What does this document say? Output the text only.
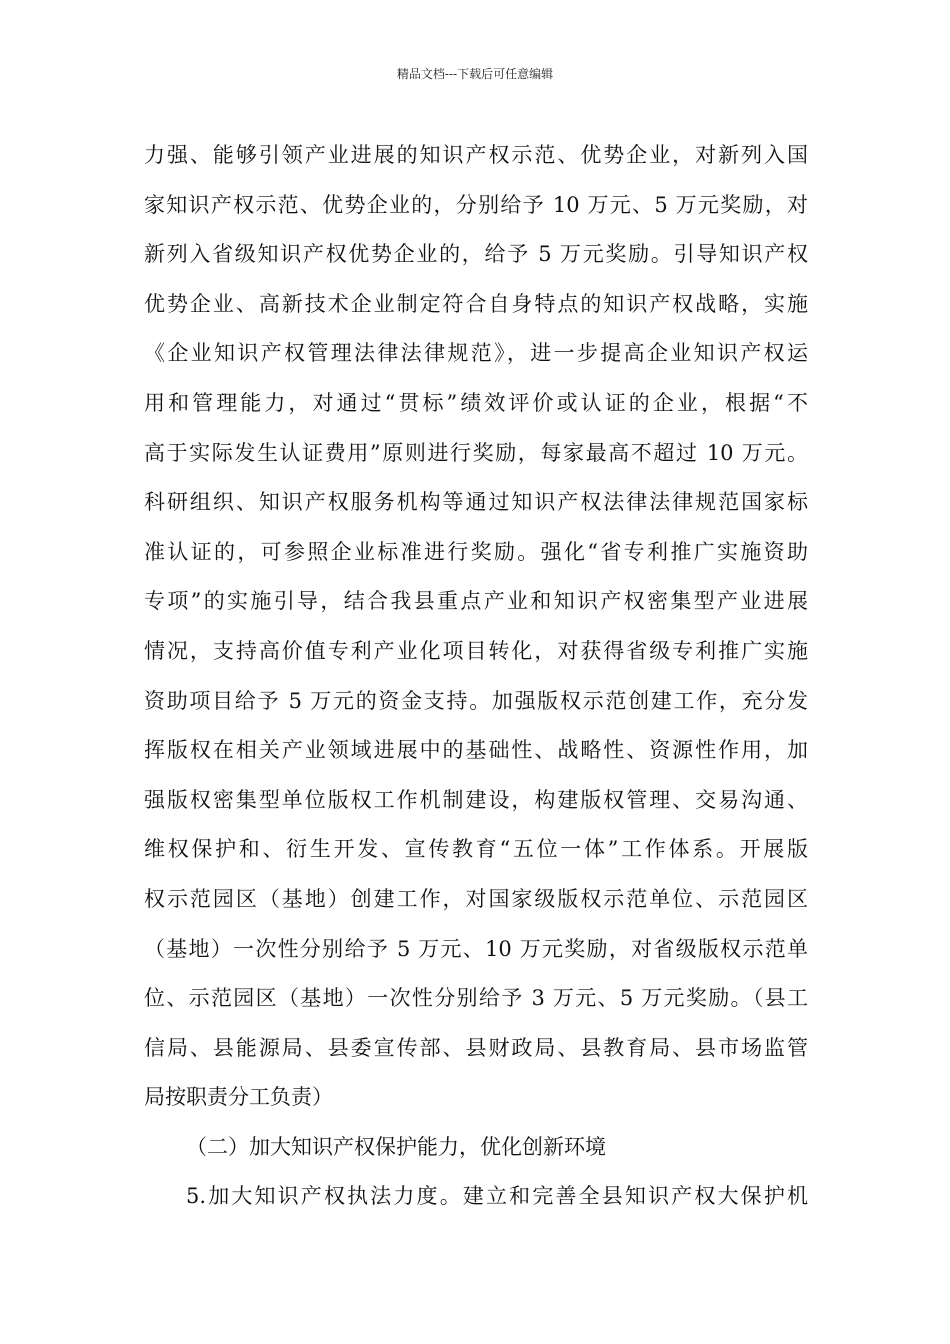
精品文档---下载后可任意编辑
力强、能够引领产业进展的知识产权示范、优势企业，对新列入国
家知识产权示范、优势企业的，分别给予 10 万元、5 万元奖励，对
新列入省级知识产权优势企业的，给予 5 万元奖励。引导知识产权
优势企业、高新技术企业制定符合自身特点的知识产权战略，实施
《企业知识产权管理法律法律规范》，进一步提高企业知识产权运
用和管理能力，对通过“贯标”绩效评价或认证的企业，根据“不
高于实际发生认证费用”原则进行奖励，每家最高不超过 10 万元。
科研组织、知识产权服务机构等通过知识产权法律法律规范国家标
准认证的，可参照企业标准进行奖励。强化“省专利推广实施资助
专项”的实施引导，结合我县重点产业和知识产权密集型产业进展
情况，支持高价值专利产业化项目转化，对获得省级专利推广实施
资助项目给予 5 万元的资金支持。加强版权示范创建工作，充分发
挥版权在相关产业领域进展中的基础性、战略性、资源性作用，加
强版权密集型单位版权工作机制建设，构建版权管理、交易沟通、
维权保护和、衍生开发、宣传教育“五位一体”工作体系。开展版
权示范园区（基地）创建工作，对国家级版权示范单位、示范园区
（基地）一次性分别给予 5 万元、10 万元奖励，对省级版权示范单
位、示范园区（基地）一次性分别给予 3 万元、5 万元奖励。（县工
信局、县能源局、县委宣传部、县财政局、县教育局、县市场监管
局按职责分工负责）
（二）加大知识产权保护能力，优化创新环境
5.加大知识产权执法力度。建立和完善全县知识产权大保护机
